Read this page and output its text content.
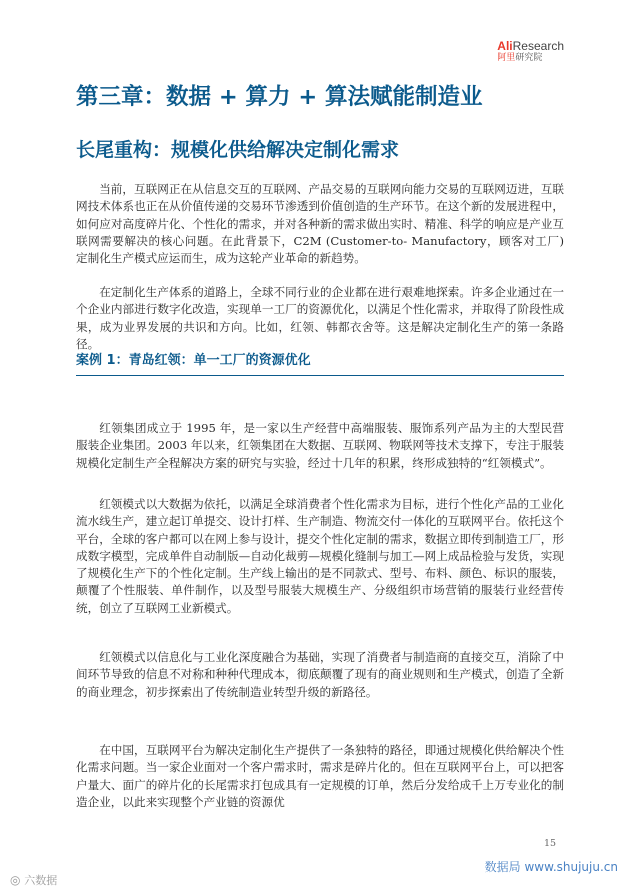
AliResearch
阿里研究院
第三章：数据 + 算力 + 算法赋能制造业
长尾重构：规模化供给解决定制化需求

当前，互联网正在从信息交互的互联网、产品交易的互联网向能力交易的互联网迈进，互联网技术体系也正在从价值传递的交易环节渗透到价值创造的生产环节。在这个新的发展进程中，如何应对高度碎片化、个性化的需求，并对各种新的需求做出实时、精准、科学的响应是产业互联网需要解决的核心问题。在此背景下，C2M (Customer-to- Manufactory，顾客对工厂) 定制化生产模式应运而生，成为这轮产业革命的新趋势。

在定制化生产体系的道路上，全球不同行业的企业都在进行艰难地探索。许多企业通过在一个企业内部进行数字化改造，实现单一工厂的资源优化，以满足个性化需求，并取得了阶段性成果，成为业界发展的共识和方向。比如，红领、韩都衣舍等。这是解决定制化生产的第一条路径。

案例 1：青岛红领：单一工厂的资源优化

红领集团成立于 1995 年，是一家以生产经营中高端服装、服饰系列产品为主的大型民营服装企业集团。2003 年以来，红领集团在大数据、互联网、物联网等技术支撑下，专注于服装规模化定制生产全程解决方案的研究与实验，经过十几年的积累，终形成独特的“红领模式”。

红领模式以大数据为依托，以满足全球消费者个性化需求为目标，进行个性化产品的工业化流水线生产，建立起订单提交、设计打样、生产制造、物流交付一体化的互联网平台。依托这个平台，全球的客户都可以在网上参与设计，提交个性化定制的需求，数据立即传到制造工厂，形成数字模型，完成单件自动制版—自动化裁剪—规模化缝制与加工—网上成品检验与发货，实现了规模化生产下的个性化定制。生产线上输出的是不同款式、型号、布料、颜色、标识的服装，颠覆了个性服装、单件制作，以及型号服装大规模生产、分级组织市场营销的服装行业经营传统，创立了互联网工业新模式。

红领模式以信息化与工业化深度融合为基础，实现了消费者与制造商的直接交互，消除了中间环节导致的信息不对称和种种代理成本，彻底颠覆了现有的商业规则和生产模式，创造了全新的商业理念，初步探索出了传统制造业转型升级的新路径。

在中国，互联网平台为解决定制化生产提供了一条独特的路径，即通过规模化供给解决个性化需求问题。当一家企业面对一个客户需求时，需求是碎片化的。但在互联网平台上，可以把客户量大、面广的碎片化的长尾需求打包成具有一定规模的订单，然后分发给成千上万专业化的制造企业，以此来实现整个产业链的资源优

15

◎ 六数据
数据局 www.shujuju.cn
